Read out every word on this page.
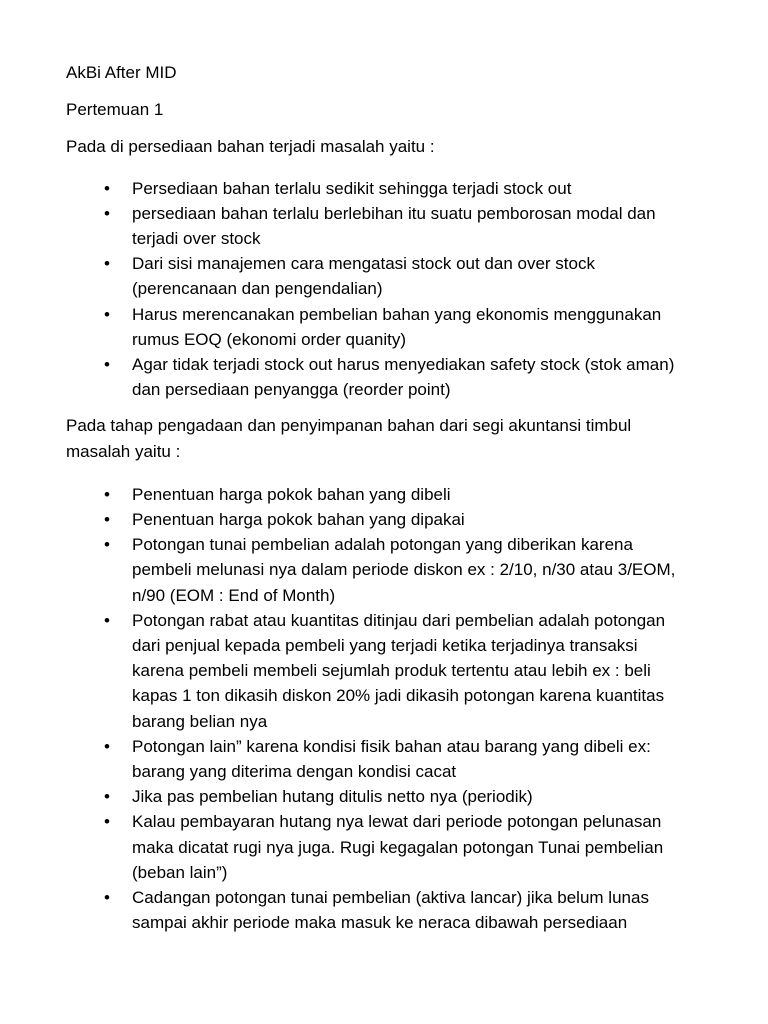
AkBi After MID
Pertemuan 1
Pada di persediaan bahan terjadi masalah yaitu :
•
Persediaan bahan terlalu sedikit sehingga terjadi stock out
•
persediaan bahan terlalu berlebihan itu suatu pemborosan modal dan terjadi over stock
•
Dari sisi manajemen cara mengatasi stock out dan over stock (perencanaan dan pengendalian)
•
Harus merencanakan pembelian bahan yang ekonomis menggunakan rumus EOQ (ekonomi order quanity)
•
Agar tidak terjadi stock out harus menyediakan safety stock (stok aman) dan persediaan penyangga (reorder point)
Pada tahap pengadaan dan penyimpanan bahan dari segi akuntansi timbul masalah yaitu :
•
Penentuan harga pokok bahan yang dibeli
•
Penentuan harga pokok bahan yang dipakai
•
Potongan tunai pembelian adalah potongan yang diberikan karena pembeli melunasi nya dalam periode diskon ex : 2/10, n/30 atau 3/EOM, n/90 (EOM : End of Month)
•
Potongan rabat atau kuantitas ditinjau dari pembelian adalah potongan dari penjual kepada pembeli yang terjadi ketika terjadinya transaksi karena pembeli membeli sejumlah produk tertentu atau lebih ex : beli kapas 1 ton dikasih diskon 20% jadi dikasih potongan karena kuantitas barang belian nya
•
Potongan lain” karena kondisi fisik bahan atau barang yang dibeli ex: barang yang diterima dengan kondisi cacat
•
Jika pas pembelian hutang ditulis netto nya (periodik)
•
Kalau pembayaran hutang nya lewat dari periode potongan pelunasan maka dicatat rugi nya juga. Rugi kegagalan potongan Tunai pembelian (beban lain”)
•
Cadangan potongan tunai pembelian (aktiva lancar) jika belum lunas sampai akhir periode maka masuk ke neraca dibawah persediaan
